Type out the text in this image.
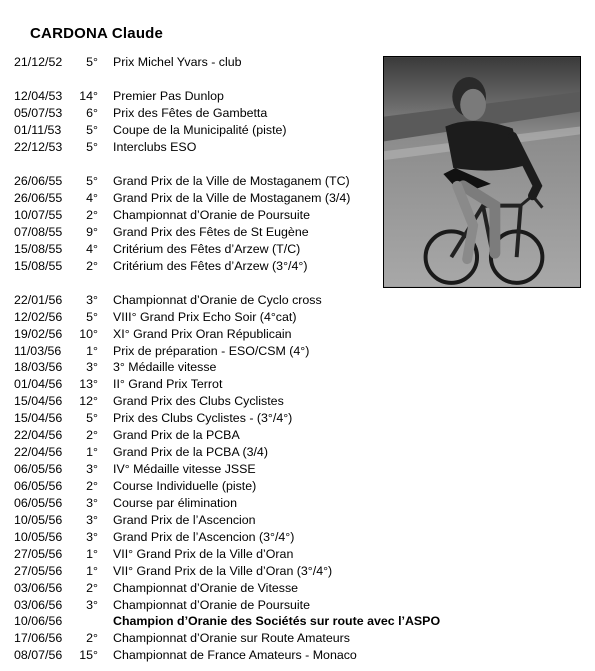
CARDONA Claude
21/12/52	5° Prix Michel Yvars - club
12/04/53	14° Premier Pas Dunlop
05/07/53	6° Prix des Fêtes de Gambetta
01/11/53	5° Coupe de la Municipalité (piste)
22/12/53	5° Interclubs ESO
26/06/55	5° Grand Prix de la Ville de Mostaganem (TC)
26/06/55	4° Grand Prix de la Ville de Mostaganem (3/4)
10/07/55	2° Championnat d’Oranie de Poursuite
07/08/55	9° Grand Prix des Fêtes de St Eugène
15/08/55	4° Critérium des Fêtes d’Arzew (T/C)
15/08/55	2° Critérium des Fêtes d’Arzew (3°/4°)
22/01/56	3° Championnat d’Oranie de Cyclo cross
12/02/56	5° VIII° Grand Prix Echo Soir (4°cat)
19/02/56	10° XI° Grand Prix Oran Républicain
11/03/56	1° Prix de préparation - ESO/CSM (4°)
18/03/56	3° 3° Médaille vitesse
01/04/56	13° II° Grand Prix Terrot
15/04/56	12° Grand Prix des Clubs Cyclistes
15/04/56	5° Prix des Clubs Cyclistes - (3°/4°)
22/04/56	2° Grand Prix de la PCBA
22/04/56	1° Grand Prix de la PCBA (3/4)
06/05/56	3° IV° Médaille vitesse JSSE
06/05/56	2° Course Individuelle (piste)
06/05/56	3° Course par élimination
10/05/56	3° Grand Prix de l’Ascencion
10/05/56	3° Grand Prix de l’Ascencion (3°/4°)
27/05/56	1° VII° Grand Prix de la Ville d’Oran
27/05/56	1° VII° Grand Prix de la Ville d’Oran (3°/4°)
03/06/56	2° Championnat d’Oranie de Vitesse
03/06/56	3° Championnat d’Oranie de Poursuite
10/06/56	Champion d’Oranie des Sociétés sur route avec l’ASPO
17/06/56	2° Championnat d’Oranie sur Route Amateurs
08/07/56	15° Championnat de France Amateurs - Monaco
